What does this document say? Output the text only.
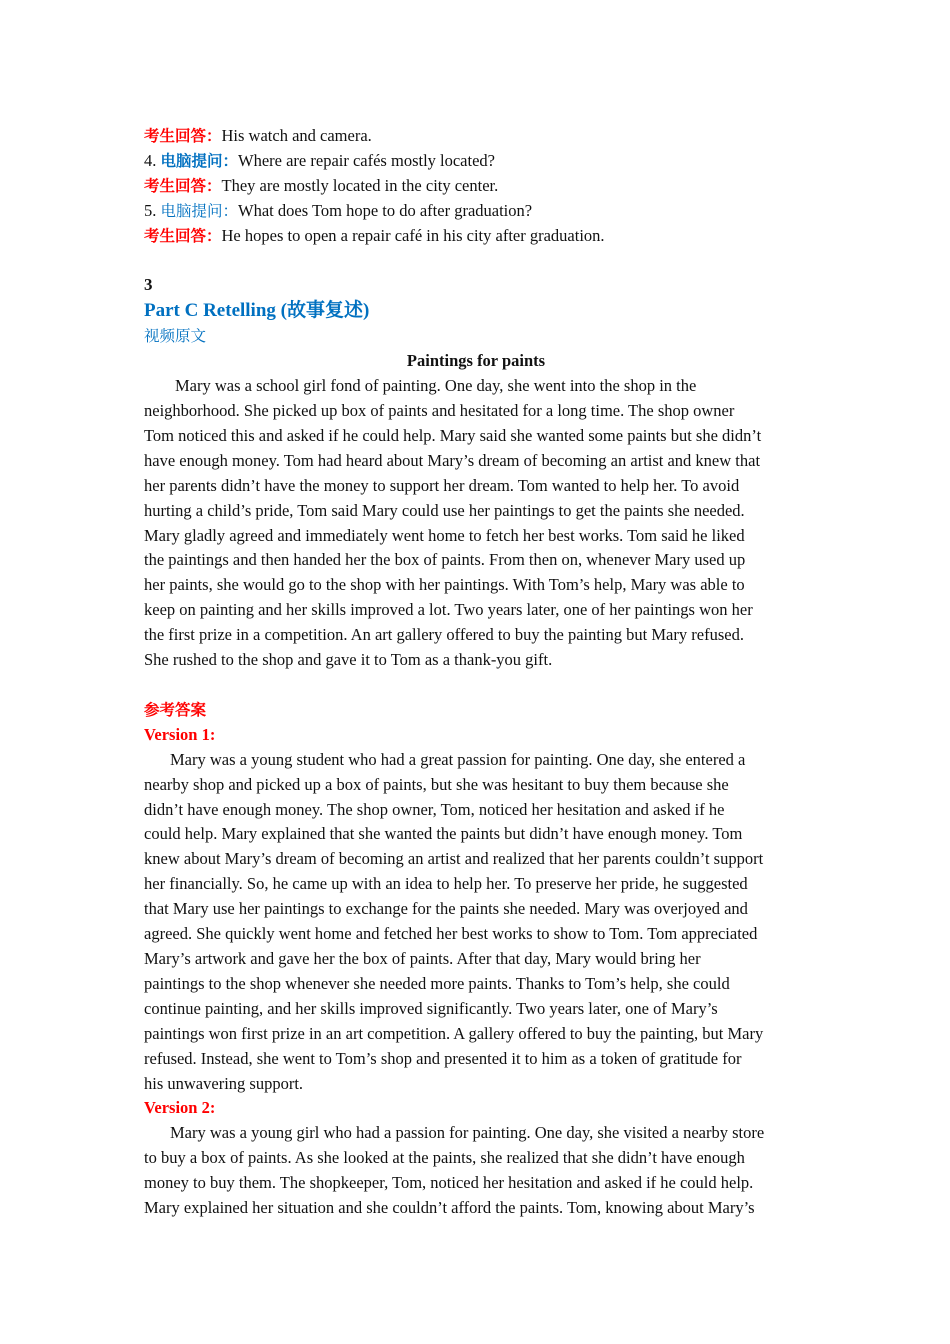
考生回答：His watch and camera.

4. 电脑提问：Where are repair cafés mostly located?

考生回答：They are mostly located in the city center.

5. 电脑提问：What does Tom hope to do after graduation?

考生回答：He hopes to open a repair café in his city after graduation.

3

Part C Retelling (故事复述)

视频原文

Paintings for paints

Mary was a school girl fond of painting. One day, she went into the shop in the
neighborhood. She picked up box of paints and hesitated for a long time. The shop owner
Tom noticed this and asked if he could help. Mary said she wanted some paints but she didn’t
have enough money. Tom had heard about Mary’s dream of becoming an artist and knew that
her parents didn’t have the money to support her dream. Tom wanted to help her. To avoid
hurting a child’s pride, Tom said Mary could use her paintings to get the paints she needed.
Mary gladly agreed and immediately went home to fetch her best works. Tom said he liked
the paintings and then handed her the box of paints. From then on, whenever Mary used up
her paints, she would go to the shop with her paintings. With Tom’s help, Mary was able to
keep on painting and her skills improved a lot. Two years later, one of her paintings won her
the first prize in a competition. An art gallery offered to buy the painting but Mary refused.
She rushed to the shop and gave it to Tom as a thank-you gift.

参考答案

Version 1:

Mary was a young student who had a great passion for painting. One day, she entered a
nearby shop and picked up a box of paints, but she was hesitant to buy them because she
didn’t have enough money. The shop owner, Tom, noticed her hesitation and asked if he
could help. Mary explained that she wanted the paints but didn’t have enough money. Tom
knew about Mary’s dream of becoming an artist and realized that her parents couldn’t support
her financially. So, he came up with an idea to help her. To preserve her pride, he suggested
that Mary use her paintings to exchange for the paints she needed. Mary was overjoyed and
agreed. She quickly went home and fetched her best works to show to Tom. Tom appreciated
Mary’s artwork and gave her the box of paints. After that day, Mary would bring her
paintings to the shop whenever she needed more paints. Thanks to Tom’s help, she could
continue painting, and her skills improved significantly. Two years later, one of Mary’s
paintings won first prize in an art competition. A gallery offered to buy the painting, but Mary
refused. Instead, she went to Tom’s shop and presented it to him as a token of gratitude for
his unwavering support.

Version 2:

Mary was a young girl who had a passion for painting. One day, she visited a nearby store
to buy a box of paints. As she looked at the paints, she realized that she didn’t have enough
money to buy them. The shopkeeper, Tom, noticed her hesitation and asked if he could help.
Mary explained her situation and she couldn’t afford the paints. Tom, knowing about Mary’s
